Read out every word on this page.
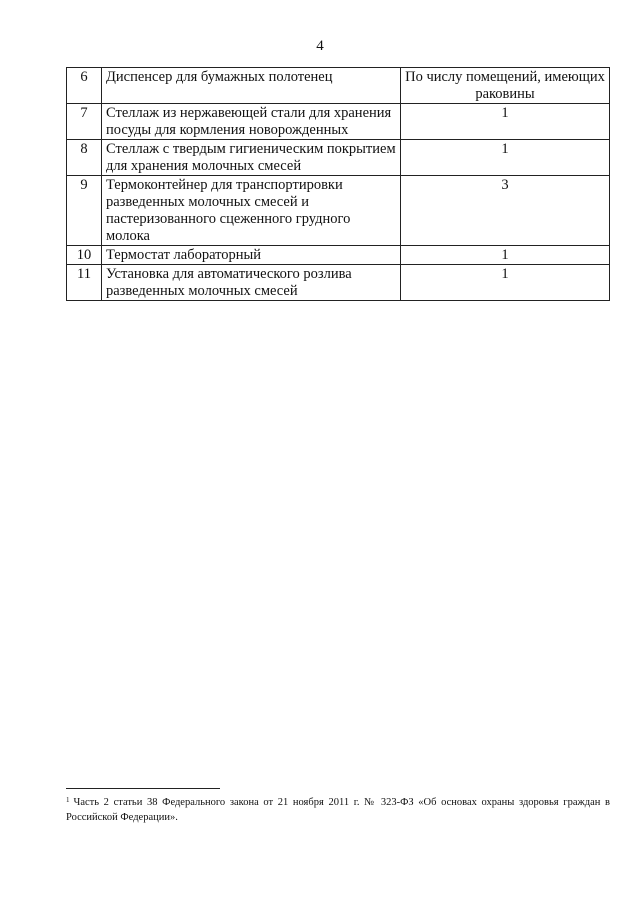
4
6	Диспенсер для бумажных полотенец	По числу помещений, имеющих раковины
7	Стеллаж из нержавеющей стали для хранения посуды для кормления новорожденных	1
8	Стеллаж с твердым гигиеническим покрытием для хранения молочных смесей	1
9	Термоконтейнер для транспортировки разведенных молочных смесей и пастеризованного сцеженного грудного молока	3
10	Термостат лабораторный	1
11	Установка для автоматического розлива разведенных молочных смесей	1
$^1$ Часть 2 статьи 38 Федерального закона от 21 ноября 2011 г. № 323-ФЗ «Об основах охраны здоровья граждан в Российской Федерации».
